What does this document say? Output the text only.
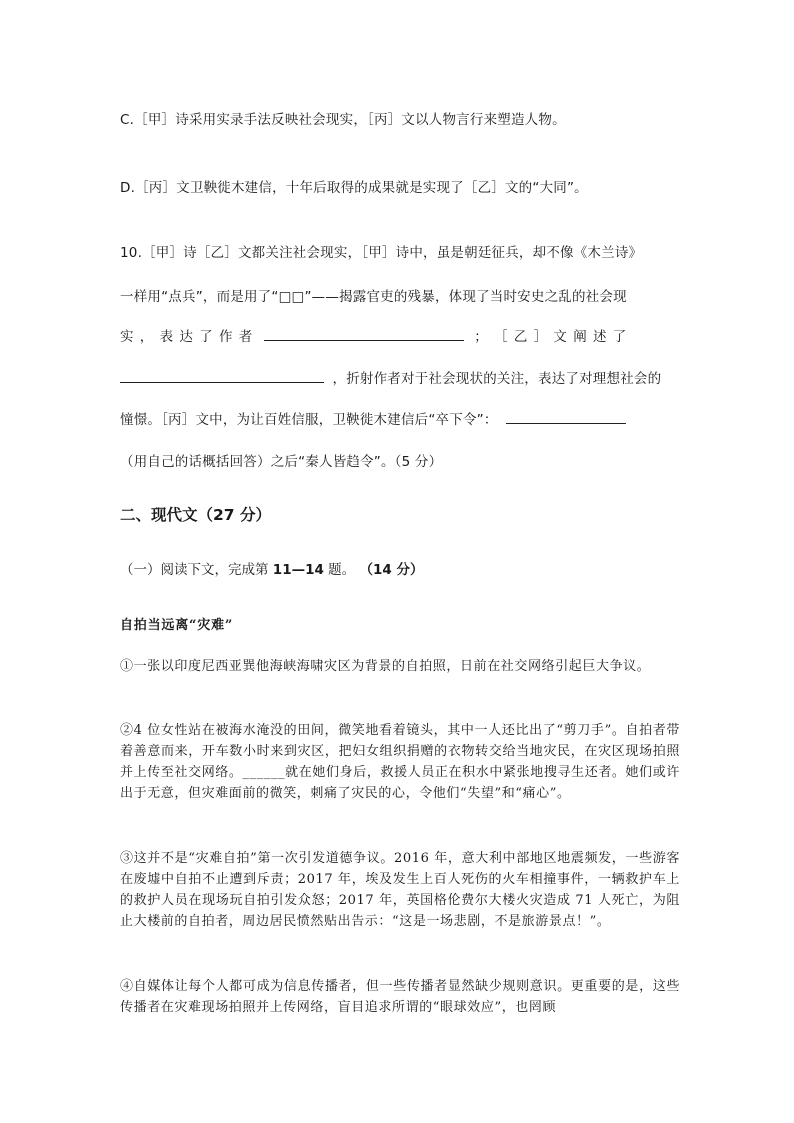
C.［甲］诗采用实录手法反映社会现实，［丙］文以人物言行来塑造人物。
D.［丙］文卫鞅徙木建信，十年后取得的成果就是实现了［乙］文的“大同”。
10.［甲］诗［乙］文都关注社会现实，［甲］诗中，虽是朝廷征兵，却不像《木兰诗》
一样用“点兵”，而是用了“□□”——揭露官吏的残暴，体现了当时安史之乱的社会现
实 ， 表 达 了 作 者	； ［ 乙 ］ 文 阐 述 了
，折射作者对于社会现状的关注，表达了对理想社会的
憧憬。［丙］文中，为让百姓信服，卫鞅徙木建信后“卒下令”：
（用自己的话概括回答）之后“秦人皆趋令”。（5 分）
二、现代文（27 分）
（一）阅读下文，完成第 11—14 题。 （14 分）
自拍当远离“灾难”
①一张以印度尼西亚巽他海峡海啸灾区为背景的自拍照，日前在社交网络引起巨大争议。
②4 位女性站在被海水淹没的田间，微笑地看着镜头，其中一人还比出了“剪刀手”。自拍者带着善意而来，开车数小时来到灾区，把妇女组织捐赠的衣物转交给当地灾民，在灾区现场拍照并上传至社交网络。______就在她们身后，救援人员正在积水中紧张地搜寻生还者。她们或许出于无意，但灾难面前的微笑，刺痛了灾民的心，令他们“失望”和“痛心”。
③这并不是“灾难自拍”第一次引发道德争议。2016 年，意大利中部地区地震频发，一些游客在废墟中自拍不止遭到斥责；2017 年，埃及发生上百人死伤的火车相撞事件，一辆救护车上的救护人员在现场玩自拍引发众怒；2017 年，英国格伦费尔大楼火灾造成 71 人死亡，为阻止大楼前的自拍者，周边居民愤然贴出告示：“这是一场悲剧，不是旅游景点！”。
④自媒体让每个人都可成为信息传播者，但一些传播者显然缺少规则意识。更重要的是，这些传播者在灾难现场拍照并上传网络，盲目追求所谓的“眼球效应”，也罔顾
